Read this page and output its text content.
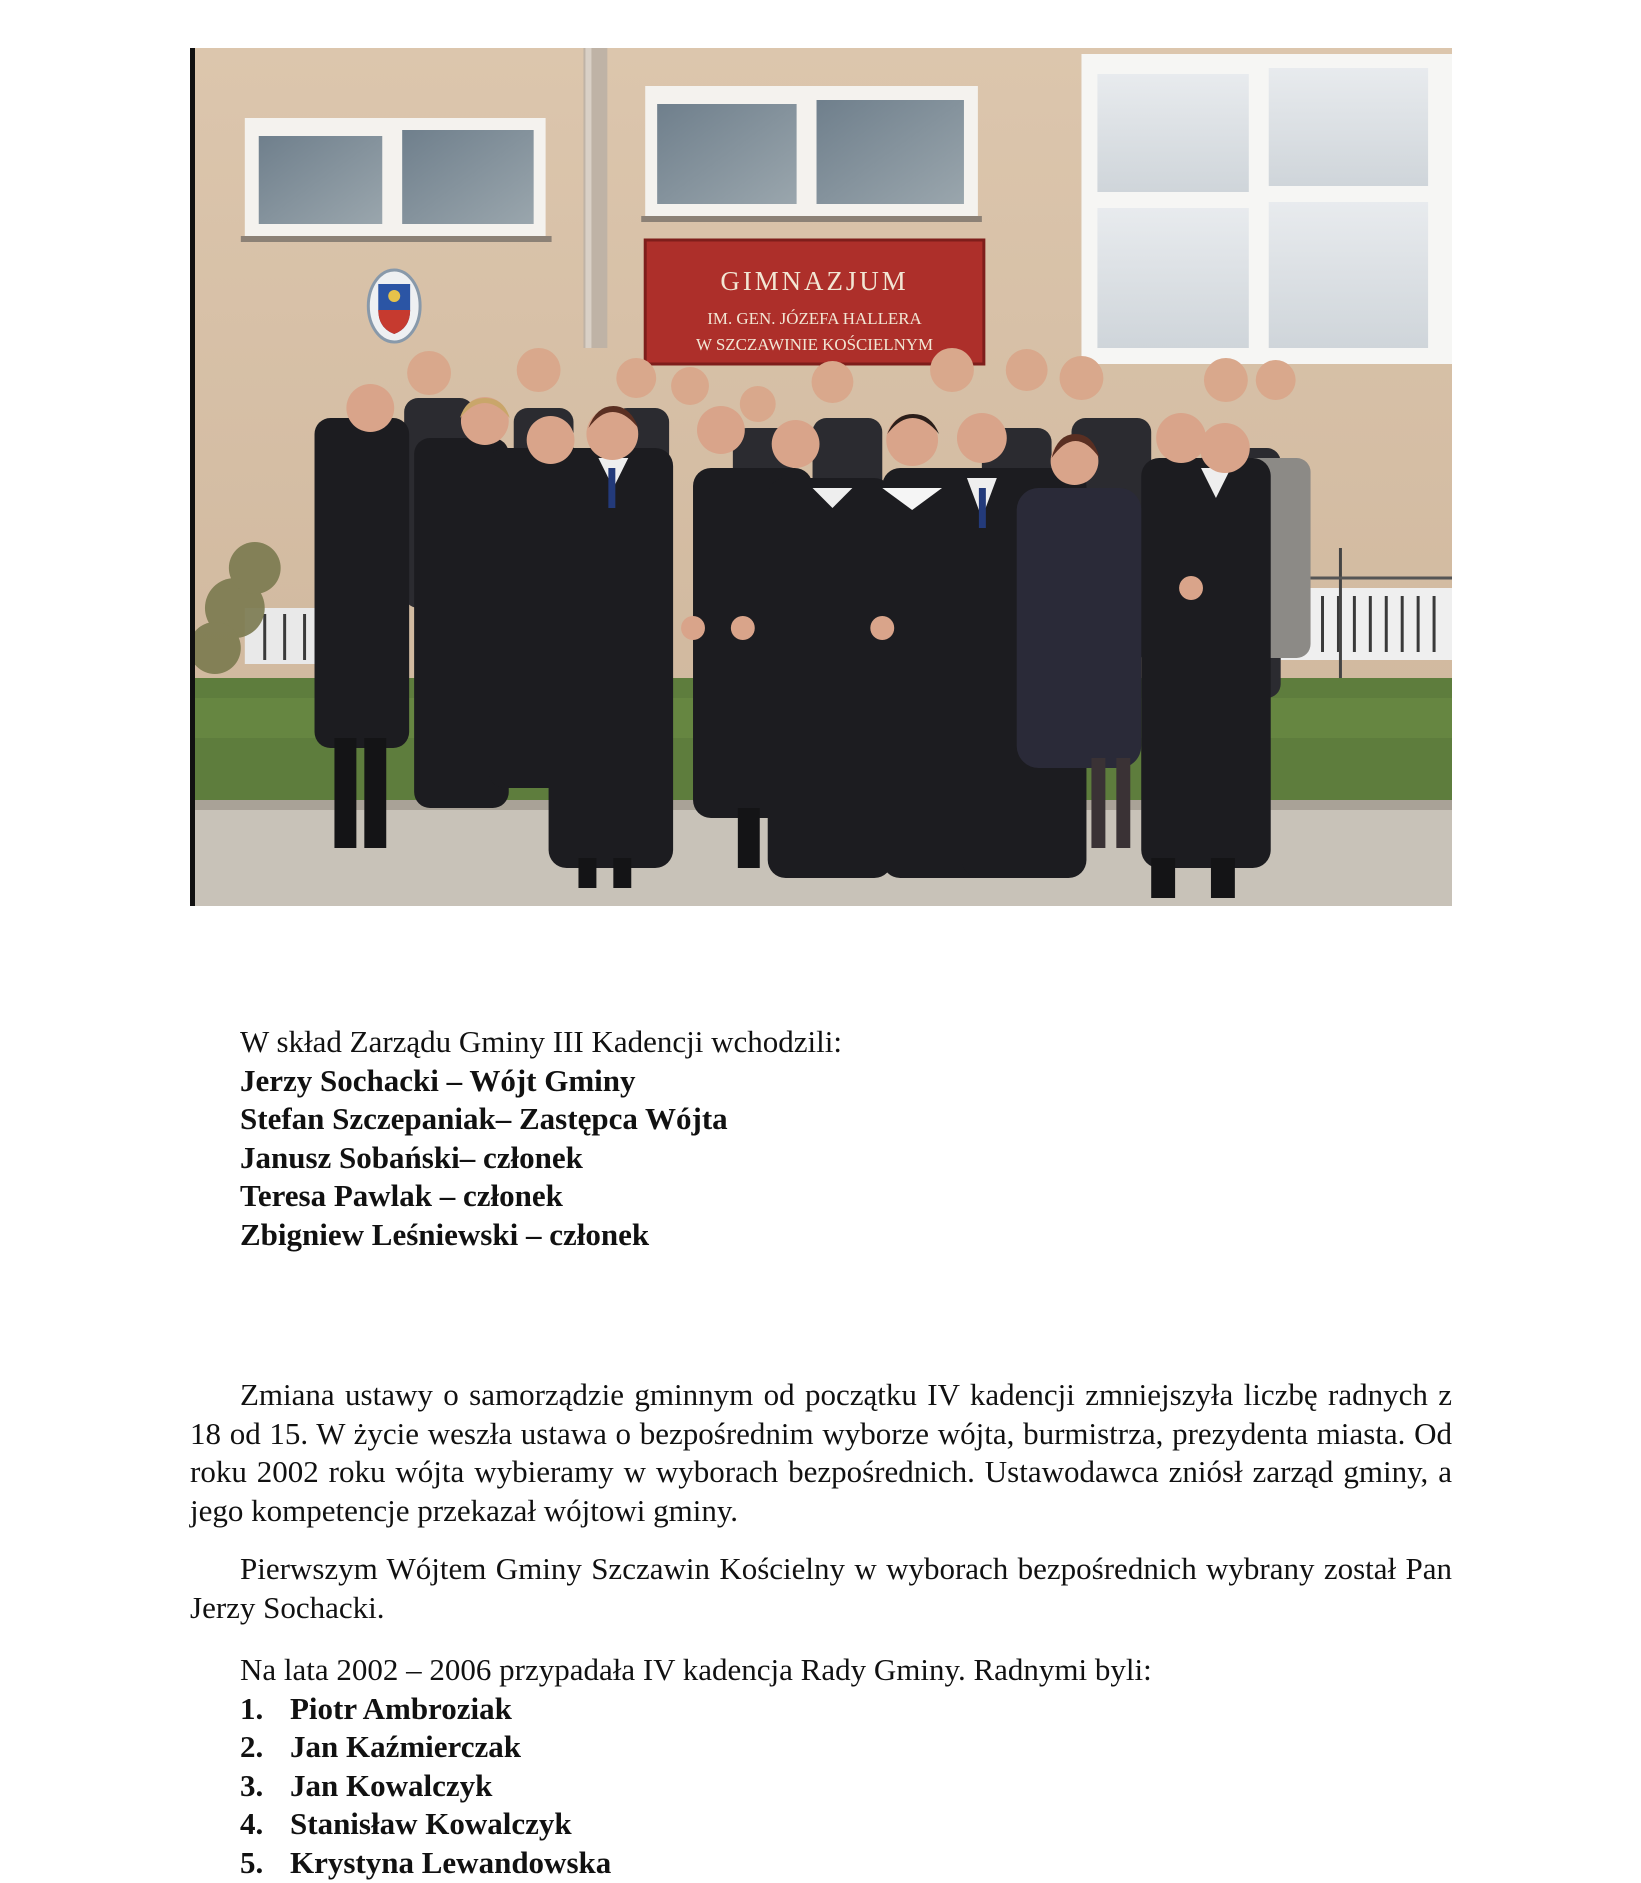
GIMNAZJUM
IM. GEN. JÓZEFA HALLERA
W SZCZAWINIE KOŚCIELNYM
W skład Zarządu Gminy III Kadencji wchodzili:
Jerzy Sochacki – Wójt Gminy
Stefan Szczepaniak– Zastępca Wójta
Janusz Sobański– członek
Teresa Pawlak – członek
Zbigniew Leśniewski – członek

Zmiana ustawy o samorządzie gminnym od początku IV kadencji zmniejszyła liczbę radnych z 18 od 15. W życie weszła ustawa o bezpośrednim wyborze wójta, burmistrza, prezydenta miasta. Od roku 2002 roku wójta wybieramy w wyborach bezpośrednich. Ustawodawca zniósł zarząd gminy, a jego kompetencje przekazał wójtowi gminy.

Pierwszym Wójtem Gminy Szczawin Kościelny w wyborach bezpośrednich wybrany został Pan Jerzy Sochacki.

Na lata 2002 – 2006 przypadała IV kadencja Rady Gminy. Radnymi byli:
1. Piotr Ambroziak
2. Jan Kaźmierczak
3. Jan Kowalczyk
4. Stanisław Kowalczyk
5. Krystyna Lewandowska
